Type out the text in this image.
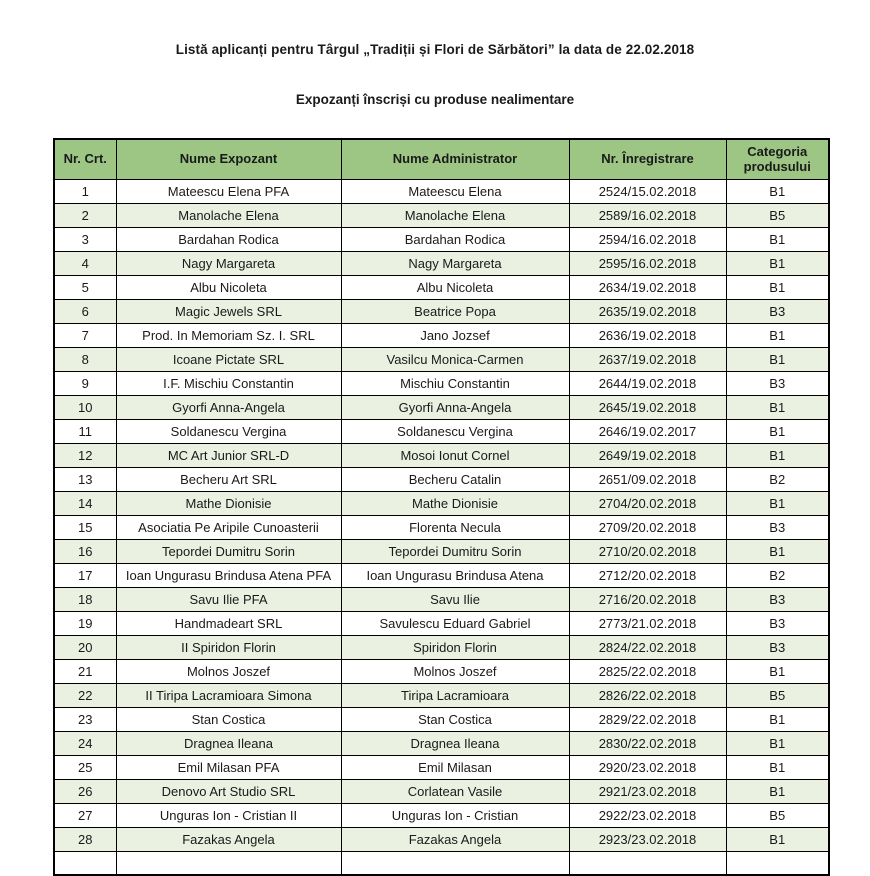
Listă aplicanți pentru Târgul „Tradiții și Flori de Sărbători” la data de 22.02.2018
Expozanți înscriși cu produse nealimentare
Nr. Crt.	Nume Expozant	Nume Administrator	Nr. Înregistrare	Categoria produsului
1	Mateescu Elena PFA	Mateescu Elena	2524/15.02.2018	B1
2	Manolache Elena	Manolache Elena	2589/16.02.2018	B5
3	Bardahan Rodica	Bardahan Rodica	2594/16.02.2018	B1
4	Nagy Margareta	Nagy Margareta	2595/16.02.2018	B1
5	Albu Nicoleta	Albu Nicoleta	2634/19.02.2018	B1
6	Magic Jewels SRL	Beatrice Popa	2635/19.02.2018	B3
7	Prod. In Memoriam Sz. I. SRL	Jano Jozsef	2636/19.02.2018	B1
8	Icoane Pictate SRL	Vasilcu Monica-Carmen	2637/19.02.2018	B1
9	I.F. Mischiu Constantin	Mischiu Constantin	2644/19.02.2018	B3
10	Gyorfi Anna-Angela	Gyorfi Anna-Angela	2645/19.02.2018	B1
11	Soldanescu Vergina	Soldanescu Vergina	2646/19.02.2017	B1
12	MC Art Junior SRL-D	Mosoi Ionut Cornel	2649/19.02.2018	B1
13	Becheru Art SRL	Becheru Catalin	2651/09.02.2018	B2
14	Mathe Dionisie	Mathe Dionisie	2704/20.02.2018	B1
15	Asociatia Pe Aripile Cunoasterii	Florenta Necula	2709/20.02.2018	B3
16	Tepordei Dumitru Sorin	Tepordei Dumitru Sorin	2710/20.02.2018	B1
17	Ioan Ungurasu Brindusa Atena PFA	Ioan Ungurasu Brindusa Atena	2712/20.02.2018	B2
18	Savu Ilie PFA	Savu Ilie	2716/20.02.2018	B3
19	Handmadeart SRL	Savulescu Eduard Gabriel	2773/21.02.2018	B3
20	II Spiridon Florin	Spiridon Florin	2824/22.02.2018	B3
21	Molnos Joszef	Molnos Joszef	2825/22.02.2018	B1
22	II Tiripa Lacramioara Simona	Tiripa Lacramioara	2826/22.02.2018	B5
23	Stan Costica	Stan Costica	2829/22.02.2018	B1
24	Dragnea Ileana	Dragnea Ileana	2830/22.02.2018	B1
25	Emil Milasan PFA	Emil Milasan	2920/23.02.2018	B1
26	Denovo Art Studio SRL	Corlatean Vasile	2921/23.02.2018	B1
27	Unguras Ion - Cristian II	Unguras Ion - Cristian	2922/23.02.2018	B5
28	Fazakas Angela	Fazakas Angela	2923/23.02.2018	B1
